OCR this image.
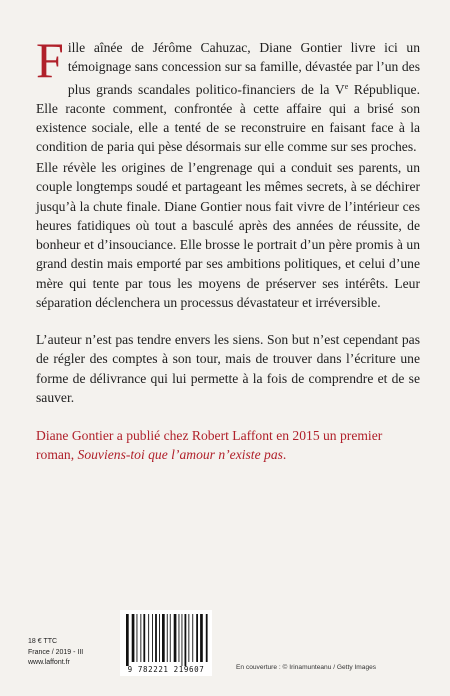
Fille aînée de Jérôme Cahuzac, Diane Gontier livre ici un témoignage sans concession sur sa famille, dévastée par l’un des plus grands scandales politico-financiers de la Ve République. Elle raconte comment, confrontée à cette affaire qui a brisé son existence sociale, elle a tenté de se reconstruire en faisant face à la condition de paria qui pèse désormais sur elle comme sur ses proches.
Elle révèle les origines de l’engrenage qui a conduit ses parents, un couple longtemps soudé et partageant les mêmes secrets, à se déchirer jusqu’à la chute finale. Diane Gontier nous fait vivre de l’intérieur ces heures fatidiques où tout a basculé après des années de réussite, de bonheur et d’insouciance. Elle brosse le portrait d’un père promis à un grand destin mais emporté par ses ambitions politiques, et celui d’une mère qui tente par tous les moyens de préserver ses intérêts. Leur séparation déclenchera un processus dévastateur et irréversible.
L’auteur n’est pas tendre envers les siens. Son but n’est cependant pas de régler des comptes à son tour, mais de trouver dans l’écriture une forme de délivrance qui lui permette à la fois de comprendre et de se sauver.
Diane Gontier a publié chez Robert Laffont en 2015 un premier roman, Souviens-toi que l’amour n’existe pas.
18 € TTC
France / 2019 - III
www.laffont.fr
9 782221 219607	En couverture : © Irinamunteanu / Getty Images
